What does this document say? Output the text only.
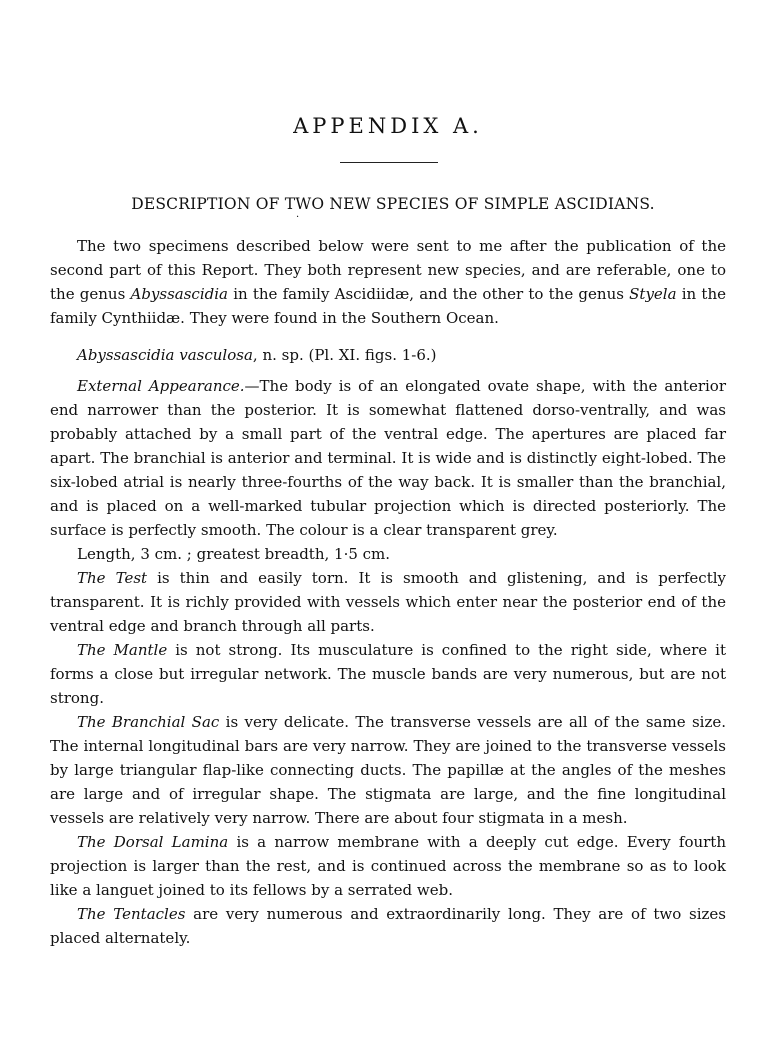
APPENDIX A.
DESCRIPTION OF TWO NEW SPECIES OF SIMPLE ASCIDIANS.
·

The two specimens described below were sent to me after the publication of the second part of this Report. They both represent new species, and are referable, one to the genus Abyssascidia in the family Ascidiidæ, and the other to the genus Styela in the family Cynthiidæ. They were found in the Southern Ocean.

Abyssascidia vasculosa, n. sp. (Pl. XI. figs. 1-6.)

External Appearance.—The body is of an elongated ovate shape, with the anterior end narrower than the posterior. It is somewhat flattened dorso-ventrally, and was probably attached by a small part of the ventral edge. The apertures are placed far apart. The branchial is anterior and terminal. It is wide and is distinctly eight-lobed. The six-lobed atrial is nearly three-fourths of the way back. It is smaller than the branchial, and is placed on a well-marked tubular projection which is directed posteriorly. The surface is perfectly smooth. The colour is a clear transparent grey.

Length, 3 cm. ; greatest breadth, 1·5 cm.

The Test is thin and easily torn. It is smooth and glistening, and is perfectly transparent. It is richly provided with vessels which enter near the posterior end of the ventral edge and branch through all parts.

The Mantle is not strong. Its musculature is confined to the right side, where it forms a close but irregular network. The muscle bands are very numerous, but are not strong.

The Branchial Sac is very delicate. The transverse vessels are all of the same size. The internal longitudinal bars are very narrow. They are joined to the transverse vessels by large triangular flap-like connecting ducts. The papillæ at the angles of the meshes are large and of irregular shape. The stigmata are large, and the fine longitudinal vessels are relatively very narrow. There are about four stigmata in a mesh.

The Dorsal Lamina is a narrow membrane with a deeply cut edge. Every fourth projection is larger than the rest, and is continued across the membrane so as to look like a languet joined to its fellows by a serrated web.

The Tentacles are very numerous and extraordinarily long. They are of two sizes placed alternately.
